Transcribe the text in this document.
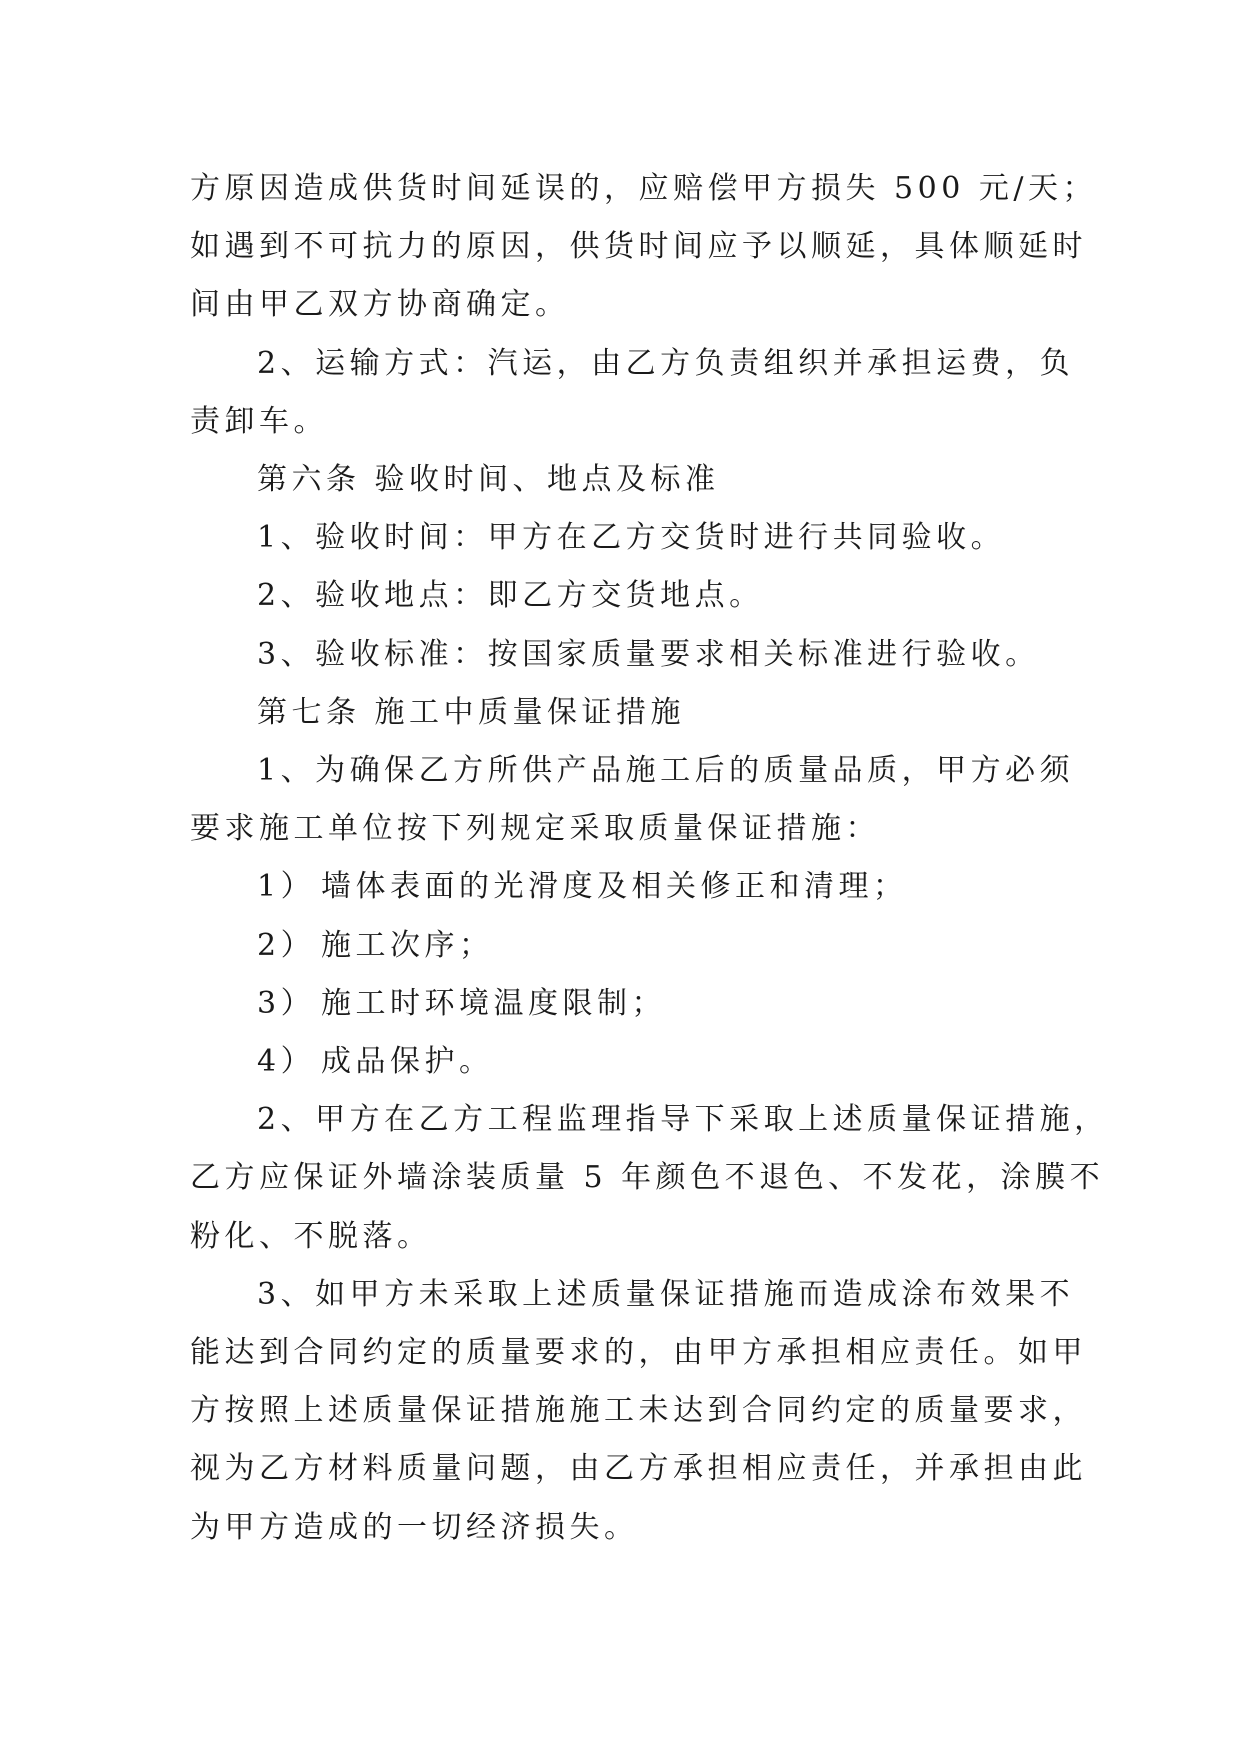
方原因造成供货时间延误的，应赔偿甲方损失 500 元/天；
如遇到不可抗力的原因，供货时间应予以顺延，具体顺延时
间由甲乙双方协商确定。
2、运输方式：汽运，由乙方负责组织并承担运费，负
责卸车。
第六条 验收时间、地点及标准
1、验收时间：甲方在乙方交货时进行共同验收。
2、验收地点：即乙方交货地点。
3、验收标准：按国家质量要求相关标准进行验收。
第七条 施工中质量保证措施
1、为确保乙方所供产品施工后的质量品质，甲方必须
要求施工单位按下列规定采取质量保证措施：
1） 墙体表面的光滑度及相关修正和清理；
2） 施工次序；
3） 施工时环境温度限制；
4） 成品保护。
2、甲方在乙方工程监理指导下采取上述质量保证措施，
乙方应保证外墙涂装质量 5 年颜色不退色、不发花，涂膜不
粉化、不脱落。
3、如甲方未采取上述质量保证措施而造成涂布效果不
能达到合同约定的质量要求的，由甲方承担相应责任。如甲
方按照上述质量保证措施施工未达到合同约定的质量要求，
视为乙方材料质量问题，由乙方承担相应责任，并承担由此
为甲方造成的一切经济损失。
